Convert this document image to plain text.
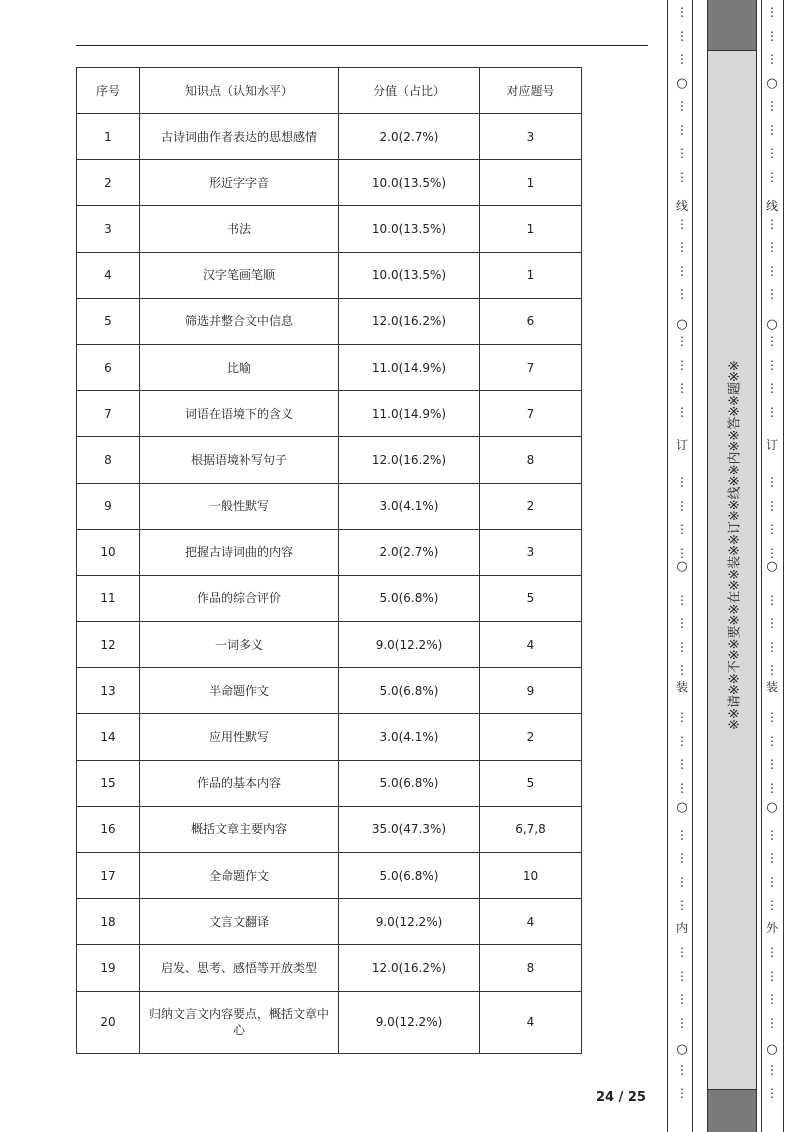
序号	知识点（认知水平）	分值（占比）	对应题号
1	古诗词曲作者表达的思想感情	2.0(2.7%)	3
2	形近字字音	10.0(13.5%)	1
3	书法	10.0(13.5%)	1
4	汉字笔画笔顺	10.0(13.5%)	1
5	筛选并整合文中信息	12.0(16.2%)	6
6	比喻	11.0(14.9%)	7
7	词语在语境下的含义	11.0(14.9%)	7
8	根据语境补写句子	12.0(16.2%)	8
9	一般性默写	3.0(4.1%)	2
10	把握古诗词曲的内容	2.0(2.7%)	3
11	作品的综合评价	5.0(6.8%)	5
12	一词多义	9.0(12.2%)	4
13	半命题作文	5.0(6.8%)	9
14	应用性默写	3.0(4.1%)	2
15	作品的基本内容	5.0(6.8%)	5
16	概括文章主要内容	35.0(47.3%)	6,7,8
17	全命题作文	5.0(6.8%)	10
18	文言文翻译	9.0(12.2%)	4
19	启发、思考、感悟等开放类型	12.0(16.2%)	8
20	归纳文言文内容要点，概括文章中心	9.0(12.2%)	4
24 / 25
⋮
⋮
⋮
⋮
⋮
⋮
⋮
⋮
⋮
⋮
⋮
⋮
⋮
⋮
⋮
⋮
⋮
⋮
⋮
⋮
⋮
⋮
⋮
⋮
⋮
⋮
⋮
⋮
⋮
⋮
⋮
⋮
⋮
⋮
⋮
⋮
⋮
○
○
○
○
○
线
订
装
内
※※请※※不※※要※※在※※装※※订※※线※※内※※答※※题※※
⋮
⋮
⋮
⋮
⋮
⋮
⋮
⋮
⋮
⋮
⋮
⋮
⋮
⋮
⋮
⋮
⋮
⋮
⋮
⋮
⋮
⋮
⋮
⋮
⋮
⋮
⋮
⋮
⋮
⋮
⋮
⋮
⋮
⋮
⋮
⋮
⋮
○
○
○
○
○
线
订
装
外
